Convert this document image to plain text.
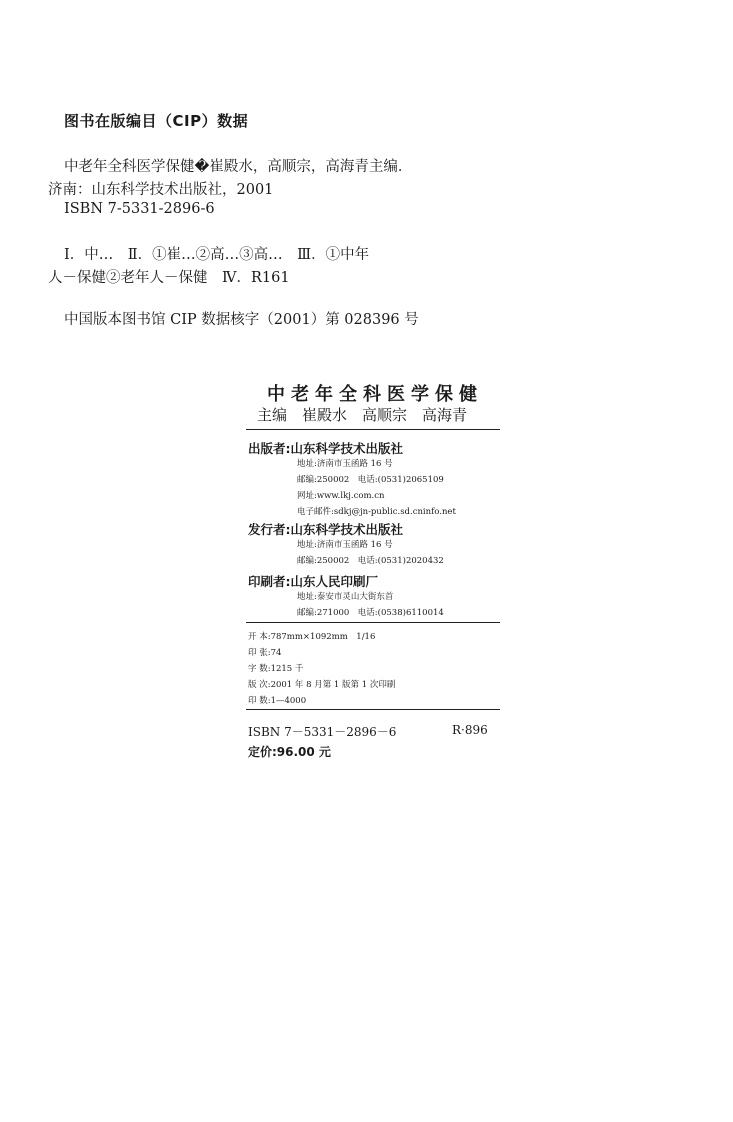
图书在版编目（CIP）数据
中老年全科医学保健�崔殿水，高顺宗，高海青主编．
济南：山东科学技术出版社，2001
ISBN 7-5331-2896-6
Ⅰ．中…　Ⅱ．①崔…②高…③高…　Ⅲ．①中年
人－保健②老年人－保健　Ⅳ．R161
中国版本图书馆 CIP 数据核字（2001）第 028396 号
中老年全科医学保健
主编　崔殿水　高顺宗　高海青
出版者:山东科学技术出版社
地址:济南市玉函路 16 号
邮编:250002　电话:(0531)2065109
网址:www.lkj.com.cn
电子邮件:sdkj@jn-public.sd.cninfo.net
发行者:山东科学技术出版社
地址:济南市玉函路 16 号
邮编:250002　电话:(0531)2020432
印刷者:山东人民印刷厂
地址:泰安市灵山大街东首
邮编:271000　电话:(0538)6110014
开 本:787mm×1092mm　1/16
印 张:74
字 数:1215 千
版 次:2001 年 8 月第 1 版第 1 次印刷
印 数:1—4000
ISBN 7－5331－2896－6	R·896
定价:96.00 元
